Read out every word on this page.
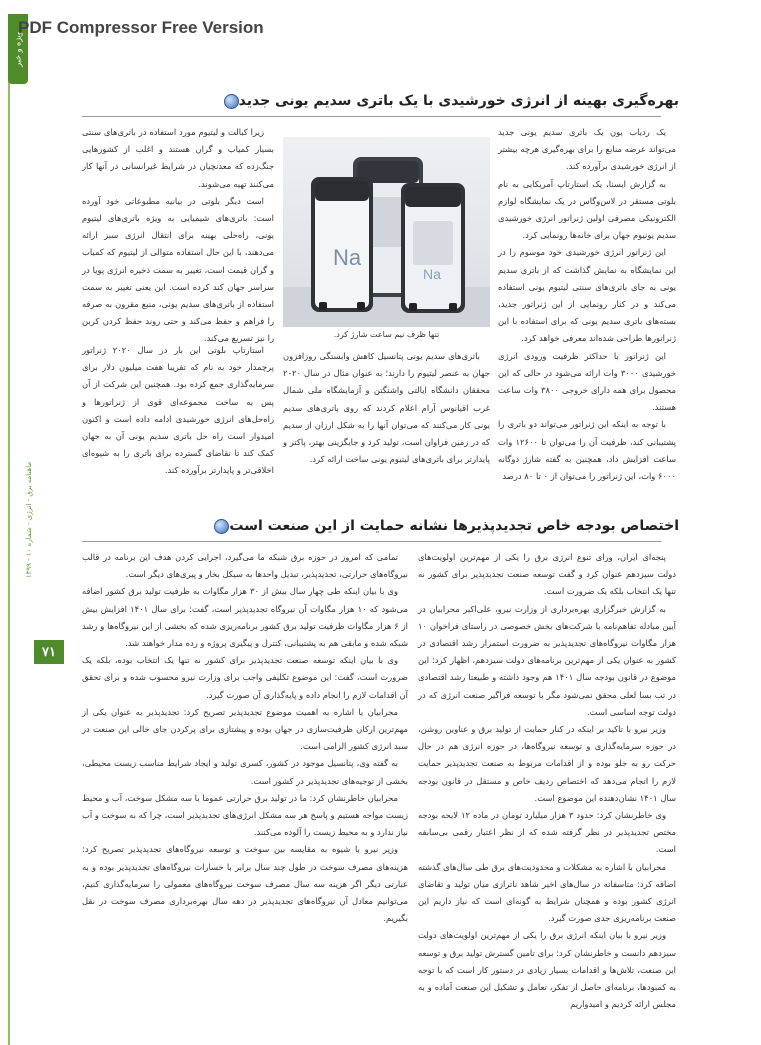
ویژه و خبر
PDF Compressor Free Version
ماهنامه برق - انرژی - شماره ۱۰ - ۱۳۹۹
۷۱
بهره‌گیری بهینه از انرژی خورشیدی با یک باتری سدیم یونی جدید

یک ردیاب یون یک باتری سدیم یونی جدید می‌تواند عرضه منابع را برای بهره‌گیری هرچه بیشتر از انرژی خورشیدی برآورده کند.

به گزارش ایسنا، یک استارتاپ آمریکایی به نام بلوتی مستقر در لاس‌وگاس در یک نمایشگاه لوازم الکترونیکی مصرفی اولین ژنراتور انرژی خورشیدی سدیم یونیوم جهان برای خانه‌ها رونمایی کرد.

این ژنراتور انرژی خورشیدی خود موسوم را در این نمایشگاه به نمایش گذاشت که از باتری سدیم یونی به جای باتری‌های سنتی لیتیوم یونی استفاده می‌کند و در کنار رونمایی از این ژنراتور جدید، بسته‌های باتری سدیم یونی که برای استفاده با این ژنراتورها طراحی شده‌اند معرفی خواهد کرد.

این ژنراتور با حداکثر ظرفیت ورودی انرژی خورشیدی ۳۰۰۰ وات ارائه می‌شود در حالی که این محصول برای همه دارای خروجی ۳۸۰۰ وات ساعت هستند.

با توجه به اینکه این ژنراتور می‌تواند دو باتری را پشتیبانی کند، ظرفیت آن را می‌توان تا ۱۲۶۰۰ وات ساعت افزایش داد، همچنین به گفته شارژ دوگانه ۶۰۰۰ وات، این ژنراتور را می‌توان از ۰ تا ۸۰ درصد

Na
Na
تنها ظرف نیم ساعت شارژ کرد.

زیرا کبالت و لیتیوم مورد استفاده در باتری‌های سنتی بسیار کمیاب و گران هستند و اغلب از کشورهایی جنگ‌زده که معدنچیان در شرایط غیرانسانی در آنها کار می‌کنند تهیه می‌شوند.

است دیگر بلوتی در بیانیه مطبوعاتی خود آورده است: باتری‌های شیمیایی به ویژه باتری‌های لیتیوم یونی، راه‌حلی بهینه برای انتقال انرژی سبز ارائه می‌دهند، با این حال استفاده متوالی از لیتیوم که کمیاب و گران قیمت است، تغییر به سمت ذخیره انرژی پویا در سراسر جهان کند کرده است. این یعنی تغییر به سمت استفاده از باتری‌های سدیم یونی، منبع مقرون به صرفه را فراهم و حفظ می‌کند و حتی روند حفظ کردن کربن را نیز تسریع می‌کند.

استارتاپ بلوتی این بار در سال ۲۰۲۰ ژنراتور پرچمدار خود به نام که تقریبا هفت میلیون دلار برای سرمایه‌گذاری جمع کرده بود. همچنین این شرکت از آن پس به ساخت مجموعه‌ای قوی از ژنراتورها و راه‌حل‌های انرژی خورشیدی ادامه داده است و اکنون امیدوار است راه حل باتری سدیم یونی آن به جهان کمک کند تا تقاضای گسترده برای باتری را به شیوه‌ای اخلاقی‌تر و پایدارتر برآورده کند.

باتری‌های سدیم یونی پتانسیل کاهش وابستگی روزافزون جهان به عنصر لیتیوم را دارند؛ به عنوان مثال در سال ۲۰۲۰ محققان دانشگاه ایالتی واشنگتن و آزمایشگاه ملی شمال غرب اقیانوس آرام اعلام کردند که روی باتری‌های سدیم یونی کار می‌کنند که می‌توان آنها را به شکل ارزان از سدیم که در زمین فراوان است، تولید کرد و جایگزینی بهتر، پاکتر و پایدارتر برای باتری‌های لیتیوم یونی ساخت ارائه کرد.

اختصاص بودجه خاص تجدیدپذیرها نشانه حمایت از این صنعت است

پنجه‌ای ایران، ورای تنوع انرژی برق را یکی از مهم‌ترین اولویت‌های دولت سیزدهم عنوان کرد و گفت توسعه صنعت تجدیدپذیر برای کشور نه تنها یک انتخاب بلکه یک ضرورت است.

به گزارش خبرگزاری بهره‌برداری از وزارت نیرو، علی‌اکبر محرابیان در آیین مبادله تفاهم‌نامه با شرکت‌های بخش خصوصی در راستای فراخوان ۱۰ هزار مگاوات نیروگاه‌های تجدیدپذیر به ضرورت استمرار رشد اقتصادی در کشور به عنوان یکی از مهم‌ترین برنامه‌های دولت سیزدهم، اظهار کرد: این موضوع در قانون بودجه سال ۱۴۰۱ هم وجود داشته و طبیعتا رشد اقتصادی در تب بسا لعلی محقق نمی‌شود مگر با توسعه فراگیر صنعت انرژی که در دولت توجه اساسی است.

وزیر نیرو با تاکید بر اینکه در کنار حمایت از تولید برق و عناوین روشن، در حوزه سرمایه‌گذاری و توسعه نیروگاه‌ها، در حوزه انرژی هم در حال حرکت رو به جلو بوده و از اقدامات مربوط به صنعت تجدیدپذیر حمایت لازم را انجام می‌دهد که اختصاص ردیف خاص و مستقل در قانون بودجه سال ۱۴۰۱ نشان‌دهنده این موضوع است.

وی خاطرنشان کرد: حدود ۳ هزار میلیارد تومان در ماده ۱۲ لایحه بودجه مختص تجدیدپذیر در نظر گرفته شده که از نظر اعتبار رقمی بی‌سابقه است.

محرابیان با اشاره به مشکلات و محدودیت‌های برق طی سال‌های گذشته اضافه کرد: متاسفانه در سال‌های اخیر شاهد ناترازی میان تولید و تقاضای انرژی کشور بوده و همچنان شرایط به گونه‌ای است که نیاز داریم این صنعت برنامه‌ریزی جدی صورت گیرد.

وزیر نیرو با بیان اینکه انرژی برق را یکی از مهم‌ترین اولویت‌های دولت سیزدهم دانست و خاطرنشان کرد: برای تامین گسترش تولید برق و توسعه این صنعت، تلاش‌ها و اقدامات بسیار زیادی در دستور کار است که با توجه به کمبودها، برنامه‌ای حاصل از تفکر، تعامل و تشکیل این صنعت آماده و به مجلس ارائه کردیم و امیدواریم

تمامی که امروز در حوزه برق شبکه ما می‌گیرد، اجرایی کردن هدف این برنامه در قالب نیروگاه‌های حرارتی، تجدیدپذیر، تبدیل واحدها به سیکل بخار و پیری‌های دیگر است.

وی با بیان اینکه طی چهار سال بیش از ۳۰ هزار مگاوات به ظرفیت تولید برق کشور اضافه می‌شود که ۱۰ هزار مگاوات آن نیروگاه تجدیدپذیر است، گفت: برای سال ۱۴۰۱ افزایش بیش از ۶ هزار مگاوات ظرفیت تولید برق کشور برنامه‌ریزی شده که بخشی از این نیروگاه‌ها و رشد شبکه شده و مابقی هم به پشتیبانی، کنترل و پیگیری پروژه و رده مدار خواهند شد.

وی با بیان اینکه توسعه صنعت تجدیدپذیر برای کشور نه تنها یک انتخاب بوده، بلکه یک ضرورت است، گفت: این موضوع تکلیفی واجب برای وزارت نیرو محسوب شده و برای تحقق آن اقدامات لازم را انجام داده و پایه‌گذاری آن صورت گیرد.

محرابیان با اشاره به اهمیت موضوع تجدیدپذیر تصریح کرد: تجدیدپذیر به عنوان یکی از مهم‌ترین ارکان ظرفیت‌سازی در جهان بوده و پیشتازی برای پرکردن جای خالی این صنعت در سبد انرژی کشور الزامی است.

به گفته وی، پتانسیل موجود در کشور، کسری تولید و ایجاد شرایط مناسب زیست محیطی، بخشی از توجیه‌های تجدیدپذیر در کشور است.

محرابیان خاطرنشان کرد: ما در تولید برق حرارتی عموما با سه مشکل سوخت، آب و محیط زیست مواجه هستیم و پاسخ هر سه مشکل انرژی‌های تجدیدپذیر است، چرا که به سوخت و آب نیاز ندارد و به محیط زیست را آلوده می‌کنند.

وزیر نیرو با شیوه به مقایسه بین سوخت و توسعه نیروگاه‌های تجدیدپذیر تصریح کرد: هزینه‌های مصرف سوخت در طول چند سال برابر با خسارات نیروگاه‌های تجدیدپذیر بوده و به عبارتی دیگر اگر هزینه سه سال مصرف سوخت نیروگاه‌های معمولی را سرمایه‌گذاری کنیم، می‌توانیم معادل آن نیروگاه‌های تجدیدپذیر در دهه سال بهره‌برداری مصرف سوخت در نقل بگیریم.
